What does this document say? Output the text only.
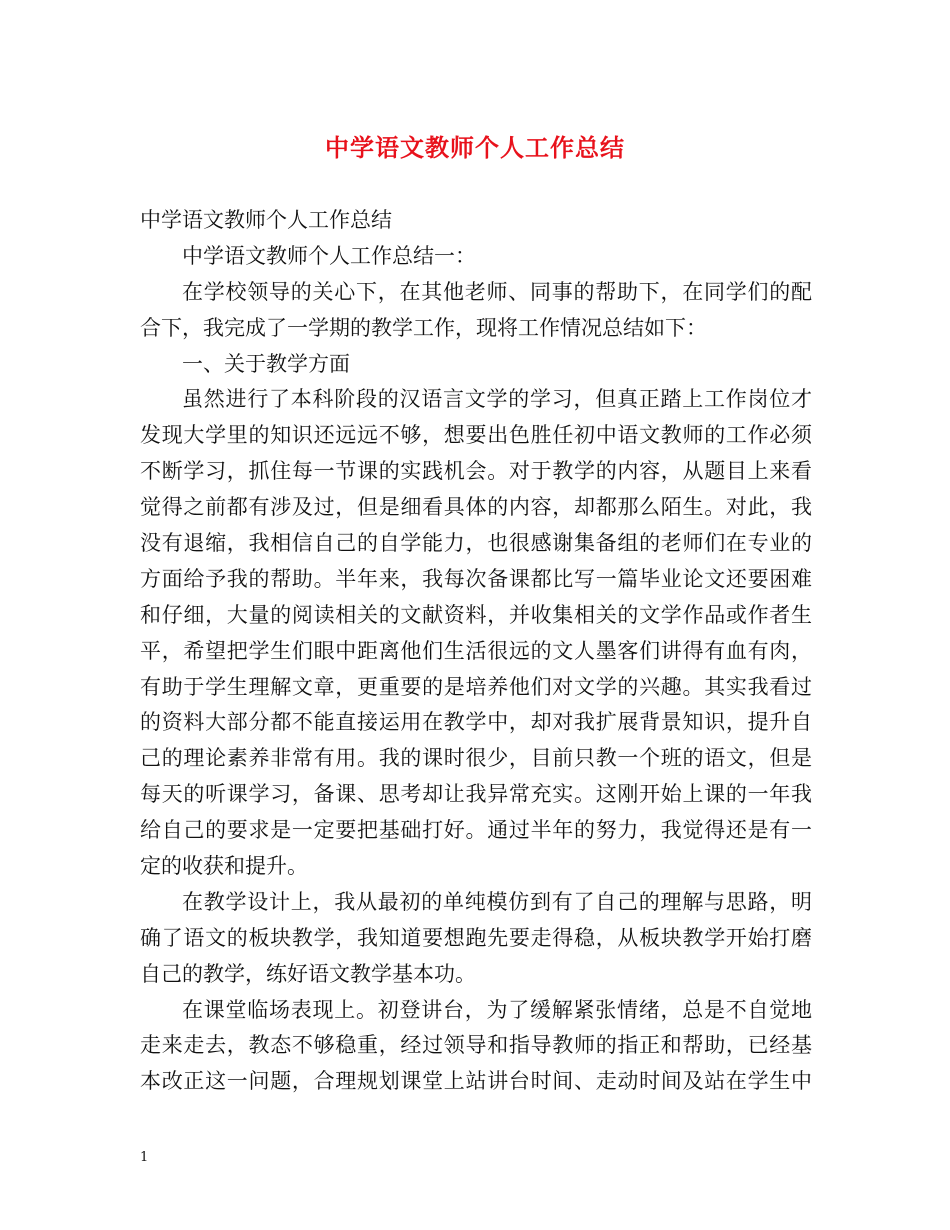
中学语文教师个人工作总结
中学语文教师个人工作总结
中学语文教师个人工作总结一：
在学校领导的关心下，在其他老师、同事的帮助下，在同学们的配
合下，我完成了一学期的教学工作，现将工作情况总结如下：
一、关于教学方面
虽然进行了本科阶段的汉语言文学的学习，但真正踏上工作岗位才
发现大学里的知识还远远不够，想要出色胜任初中语文教师的工作必须
不断学习，抓住每一节课的实践机会。对于教学的内容，从题目上来看
觉得之前都有涉及过，但是细看具体的内容，却都那么陌生。对此，我
没有退缩，我相信自己的自学能力，也很感谢集备组的老师们在专业的
方面给予我的帮助。半年来，我每次备课都比写一篇毕业论文还要困难
和仔细，大量的阅读相关的文献资料，并收集相关的文学作品或作者生
平，希望把学生们眼中距离他们生活很远的文人墨客们讲得有血有肉，
有助于学生理解文章，更重要的是培养他们对文学的兴趣。其实我看过
的资料大部分都不能直接运用在教学中，却对我扩展背景知识，提升自
己的理论素养非常有用。我的课时很少，目前只教一个班的语文，但是
每天的听课学习，备课、思考却让我异常充实。这刚开始上课的一年我
给自己的要求是一定要把基础打好。通过半年的努力，我觉得还是有一
定的收获和提升。
在教学设计上，我从最初的单纯模仿到有了自己的理解与思路，明
确了语文的板块教学，我知道要想跑先要走得稳，从板块教学开始打磨
自己的教学，练好语文教学基本功。
在课堂临场表现上。初登讲台，为了缓解紧张情绪，总是不自觉地
走来走去，教态不够稳重，经过领导和指导教师的指正和帮助，已经基
本改正这一问题，合理规划课堂上站讲台时间、走动时间及站在学生中
1
